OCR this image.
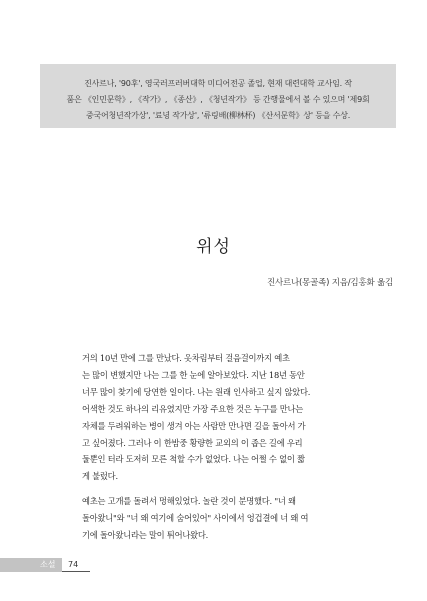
진사르나, '90후', 영국러프러버대학 미디어전공 졸업, 현재 대련대학 교사임. 작
품은 《인민문학》, 《작가》, 《종산》, 《청년작가》 등 간행물에서 볼 수 있으며 '제9회
중국어청년작가상', '료녕 작가상', '류링배(柳林杯) 《산서문학》상' 등을 수상.
위성
진사르나(몽골족) 지음/김홍화 옮김
거의 10년 만에 그를 만났다. 옷차림부터 걸음걸이까지 예초
는 많이 변했지만 나는 그를 한 눈에 알아보았다. 지난 18년 동안
너무 많이 찾기에 당연한 일이다. 나는 원래 인사하고 싶지 않았다.
어색한 것도 하나의 리유였지만 가장 주요한 것은 누구를 만나는
자체를 두려워하는 병이 생겨 아는 사람만 만나면 길을 돌아서 가
고 싶어졌다. 그러나 이 한밤중 황량한 교외의 이 좁은 길에 우리
둘뿐인 터라 도저히 모른 척할 수가 없었다. 나는 어쩔 수 없이 짧
게 불렀다.
예초는 고개를 돌려서 멍해있었다. 놀란 것이 분명했다. "너 왜
돌아왔니"와 "너 왜 여기에 숨어있어" 사이에서 엉겁결에 너 왜 여
기에 돌아왔니라는 말이 튀어나왔다.
소설 74
